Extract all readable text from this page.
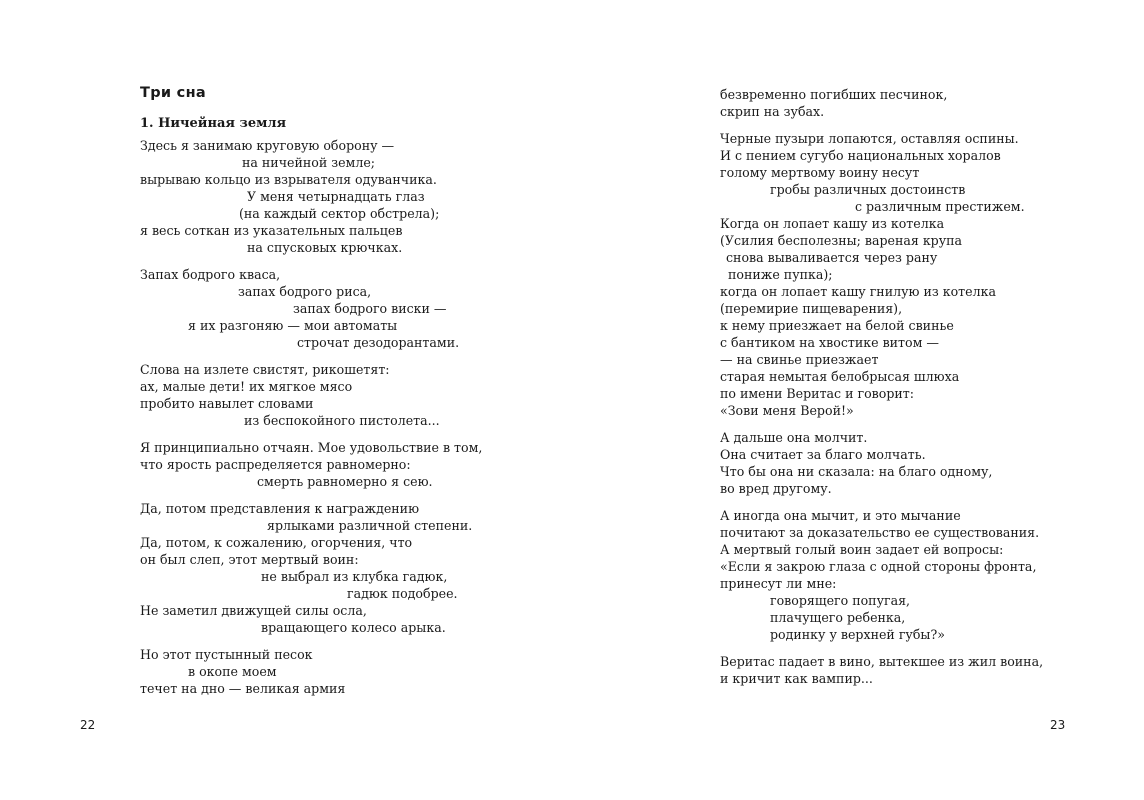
Три сна
1. Ничейная земля
Здесь я занимаю круговую оборону —
на ничейной земле;
вырываю кольцо из взрывателя одуванчика.
У меня четырнадцать глаз
(на каждый сектор обстрела);
я весь соткан из указательных пальцев
на спусковых крючках.
Запах бодрого кваса,
запах бодрого риса,
запах бодрого виски —
я их разгоняю — мои автоматы
строчат дезодорантами.
Слова на излете свистят, рикошетят:
ах, малые дети! их мягкое мясо
пробито навылет словами
из беспокойного пистолета...
Я принципиально отчаян. Мое удовольствие в том,
что ярость распределяется равномерно:
смерть равномерно я сею.
Да, потом представления к награждению
ярлыками различной степени.
Да, потом, к сожалению, огорчения, что
он был слеп, этот мертвый воин:
не выбрал из клубка гадюк,
гадюк подобрее.
Не заметил движущей силы осла,
вращающего колесо арыка.
Но этот пустынный песок
в окопе моем
течет на дно — великая армия
22
безвременно погибших песчинок,
скрип на зубах.
Черные пузыри лопаются, оставляя оспины.
И с пением сугубо национальных хоралов
голому мертвому воину несут
гробы различных достоинств
с различным престижем.
Когда он лопает кашу из котелка
(Усилия бесполезны; вареная крупа
снова вываливается через рану
пониже пупка);
когда он лопает кашу гнилую из котелка
(перемирие пищеварения),
к нему приезжает на белой свинье
с бантиком на хвостике витом —
— на свинье приезжает
старая немытая белобрысая шлюха
по имени Веритас и говорит:
«Зови меня Верой!»
А дальше она молчит.
Она считает за благо молчать.
Что бы она ни сказала: на благо одному,
во вред другому.
А иногда она мычит, и это мычание
почитают за доказательство ее существования.
А мертвый голый воин задает ей вопросы:
«Если я закрою глаза с одной стороны фронта,
принесут ли мне:
говорящего попугая,
плачущего ребенка,
родинку у верхней губы?»
Веритас падает в вино, вытекшее из жил воина,
и кричит как вампир...
23
